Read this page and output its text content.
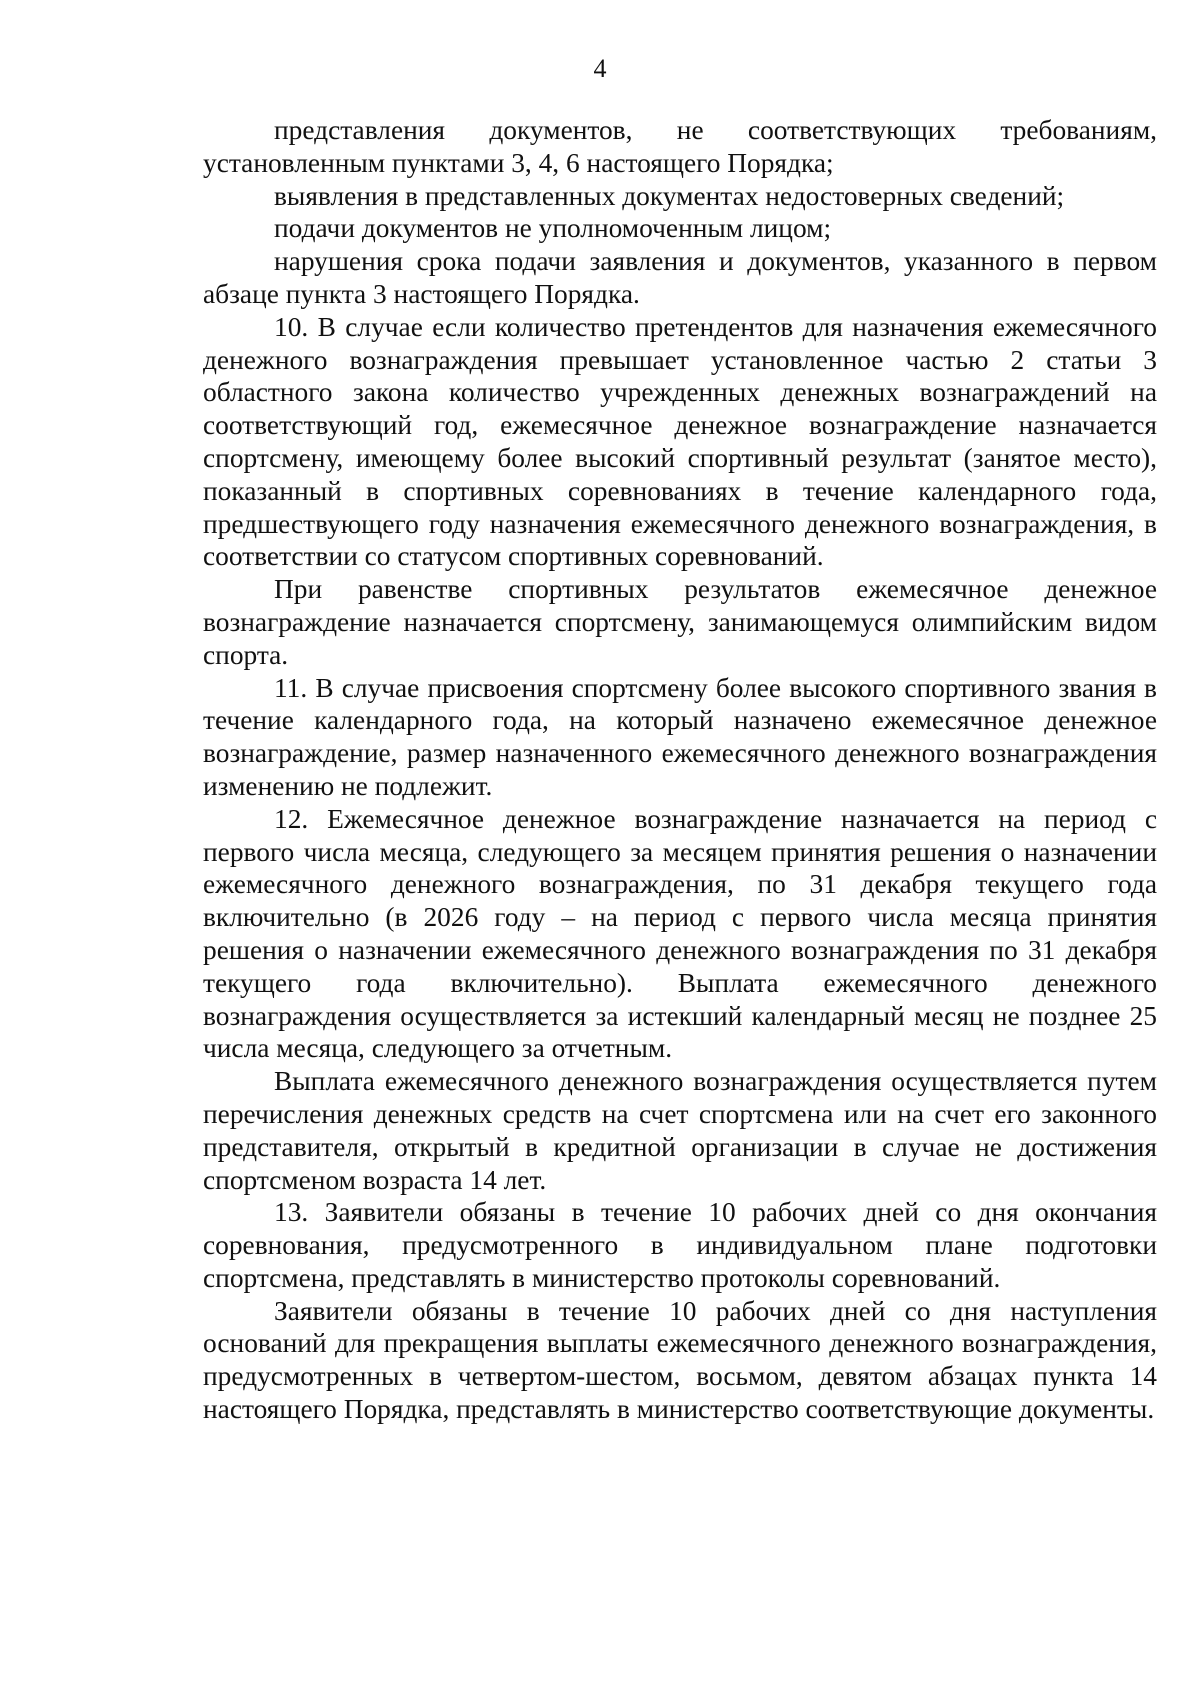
4

представления документов, не соответствующих требованиям, установленным пунктами 3, 4, 6 настоящего Порядка;

выявления в представленных документах недостоверных сведений;

подачи документов не уполномоченным лицом;

нарушения срока подачи заявления и документов, указанного в первом абзаце пункта 3 настоящего Порядка.

10. В случае если количество претендентов для назначения ежемесячного денежного вознаграждения превышает установленное частью 2 статьи 3 областного закона количество учрежденных денежных вознаграждений на соответствующий год, ежемесячное денежное вознаграждение назначается спортсмену, имеющему более высокий спортивный результат (занятое место), показанный в спортивных соревнованиях в течение календарного года, предшествующего году назначения ежемесячного денежного вознаграждения, в соответствии со статусом спортивных соревнований.

При равенстве спортивных результатов ежемесячное денежное вознаграждение назначается спортсмену, занимающемуся олимпийским видом спорта.

11. В случае присвоения спортсмену более высокого спортивного звания в течение календарного года, на который назначено ежемесячное денежное вознаграждение, размер назначенного ежемесячного денежного вознаграждения изменению не подлежит.

12. Ежемесячное денежное вознаграждение назначается на период с первого числа месяца, следующего за месяцем принятия решения о назначении ежемесячного денежного вознаграждения, по 31 декабря текущего года включительно (в 2026 году – на период с первого числа месяца принятия решения о назначении ежемесячного денежного вознаграждения по 31 декабря текущего года включительно). Выплата ежемесячного денежного вознаграждения осуществляется за истекший календарный месяц не позднее 25 числа месяца, следующего за отчетным.

Выплата ежемесячного денежного вознаграждения осуществляется путем перечисления денежных средств на счет спортсмена или на счет его законного представителя, открытый в кредитной организации в случае не достижения спортсменом возраста 14 лет.

13. Заявители обязаны в течение 10 рабочих дней со дня окончания соревнования, предусмотренного в индивидуальном плане подготовки спортсмена, представлять в министерство протоколы соревнований.

Заявители обязаны в течение 10 рабочих дней со дня наступления оснований для прекращения выплаты ежемесячного денежного вознаграждения, предусмотренных в четвертом-шестом, восьмом, девятом абзацах пункта 14 настоящего Порядка, представлять в министерство соответствующие документы.
